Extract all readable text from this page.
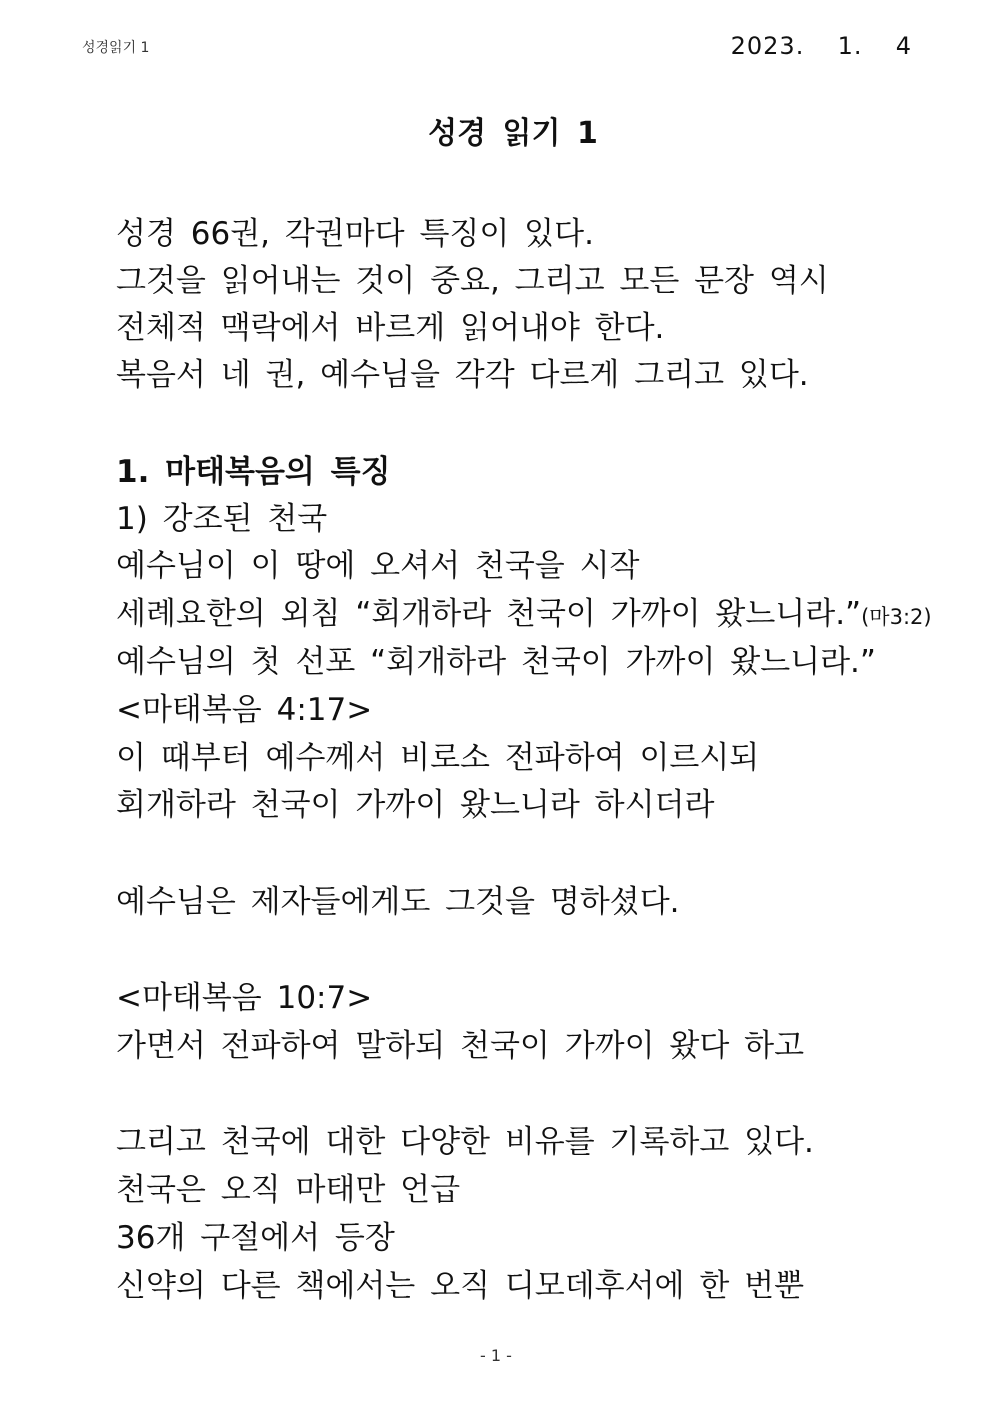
성경읽기 1	2023.  1.  4
성경 읽기 1
성경 66권, 각권마다 특징이 있다.
그것을 읽어내는 것이 중요, 그리고 모든 문장 역시
전체적 맥락에서 바르게 읽어내야 한다.
복음서 네 권, 예수님을 각각 다르게 그리고 있다.
1. 마태복음의 특징
1) 강조된 천국
예수님이 이 땅에 오셔서 천국을 시작
세례요한의 외침 “회개하라 천국이 가까이 왔느니라.”(마3:2)
예수님의 첫 선포 “회개하라 천국이 가까이 왔느니라.”
<마태복음 4:17>
이 때부터 예수께서 비로소 전파하여 이르시되
회개하라 천국이 가까이 왔느니라 하시더라
예수님은 제자들에게도 그것을 명하셨다.
<마태복음 10:7>
가면서 전파하여 말하되 천국이 가까이 왔다 하고
그리고 천국에 대한 다양한 비유를 기록하고 있다.
천국은 오직 마태만 언급
36개 구절에서 등장
신약의 다른 책에서는 오직 디모데후서에 한 번뿐
- 1 -
